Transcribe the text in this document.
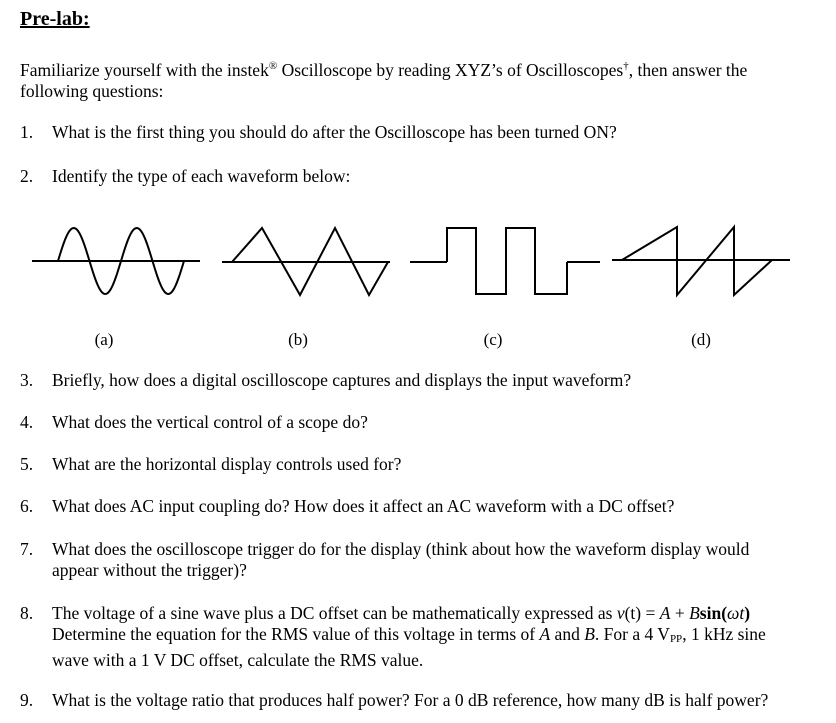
Pre-lab:
Familiarize yourself with the instek® Oscilloscope by reading XYZ’s of Oscilloscopes†, then answer the
following questions:
1.	What is the first thing you should do after the Oscilloscope has been turned ON?
2.	Identify the type of each waveform below:
(a)	(b)	(c)	(d)
3.	Briefly, how does a digital oscilloscope captures and displays the input waveform?
4.	What does the vertical control of a scope do?
5.	What are the horizontal display controls used for?
6.	What does AC input coupling do? How does it affect an AC waveform with a DC offset?
7.	What does the oscilloscope trigger do for the display (think about how the waveform display would
appear without the trigger)?
8.	The voltage of a sine wave plus a DC offset can be mathematically expressed as v(t) = A + Bsin(ωt)
Determine the equation for the RMS value of this voltage in terms of A and B. For a 4 VPP, 1 kHz sine
wave with a 1 V DC offset, calculate the RMS value.
9.	What is the voltage ratio that produces half power? For a 0 dB reference, how many dB is half power?
